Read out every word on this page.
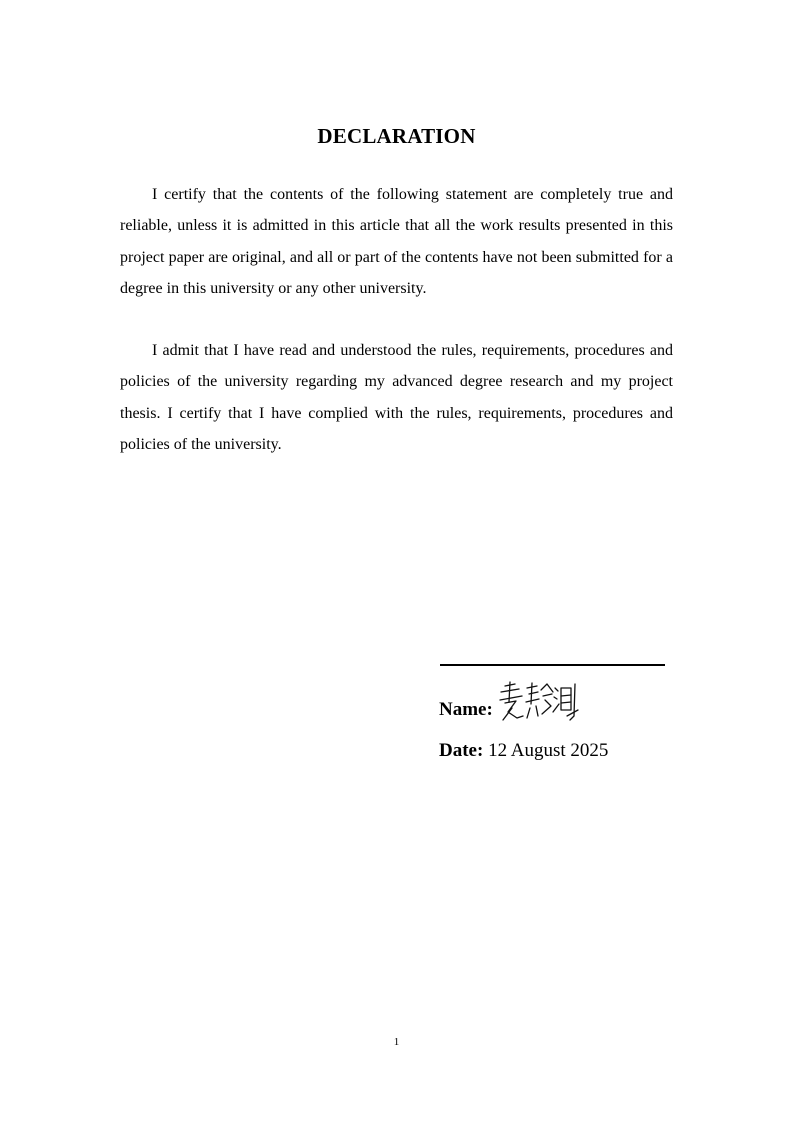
DECLARATION

I certify that the contents of the following statement are completely true and reliable, unless it is admitted in this article that all the work results presented in this project paper are original, and all or part of the contents have not been submitted for a degree in this university or any other university.

I admit that I have read and understood the rules, requirements, procedures and policies of the university regarding my advanced degree research and my project thesis. I certify that I have complied with the rules, requirements, procedures and policies of the university.

Name:
Date: 12 August 2025
1
